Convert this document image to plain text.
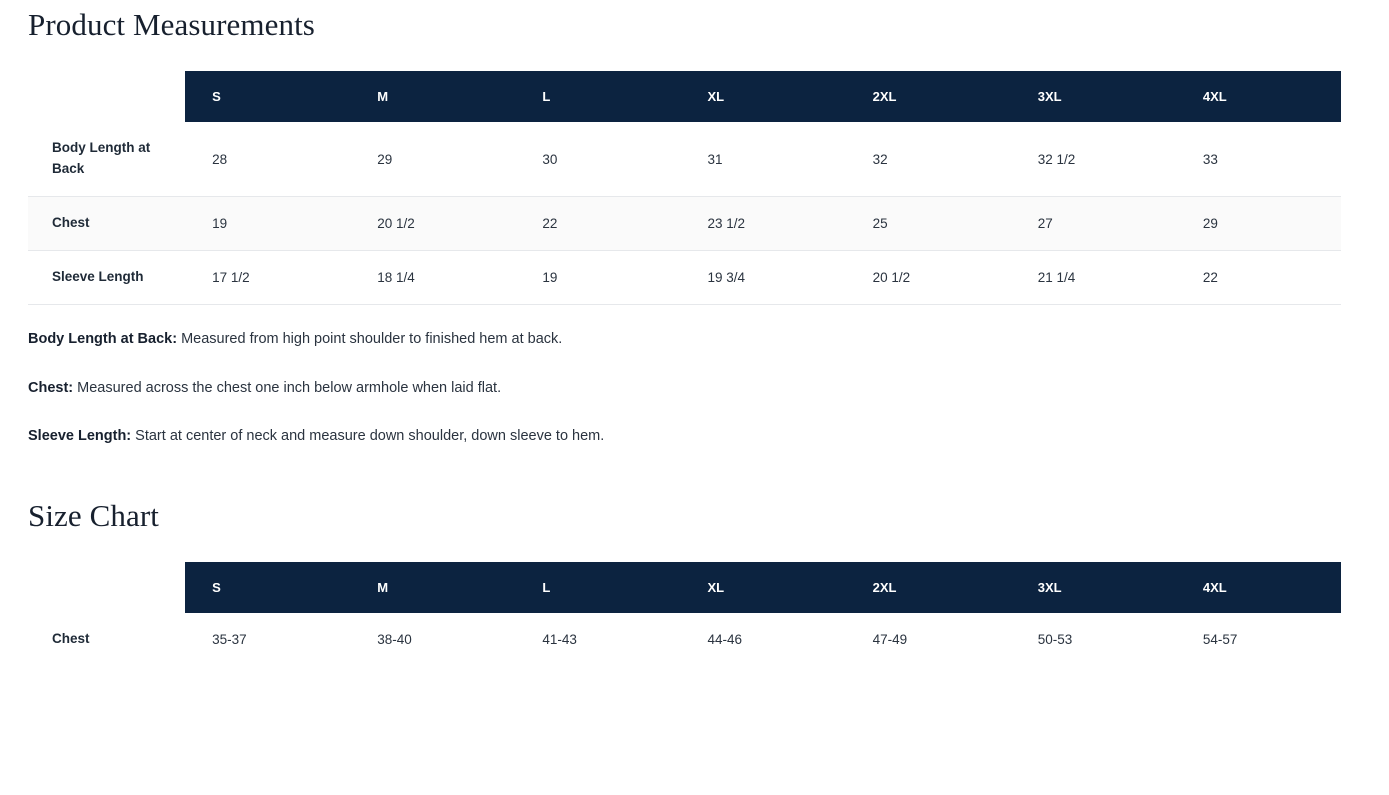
Product Measurements
	S	M	L	XL	2XL	3XL	4XL
Body Length at Back	28	29	30	31	32	32 1/2	33
Chest	19	20 1/2	22	23 1/2	25	27	29
Sleeve Length	17 1/2	18 1/4	19	19 3/4	20 1/2	21 1/4	22

Body Length at Back: Measured from high point shoulder to finished hem at back.

Chest: Measured across the chest one inch below armhole when laid flat.

Sleeve Length: Start at center of neck and measure down shoulder, down sleeve to hem.

Size Chart
	S	M	L	XL	2XL	3XL	4XL
Chest	35-37	38-40	41-43	44-46	47-49	50-53	54-57
